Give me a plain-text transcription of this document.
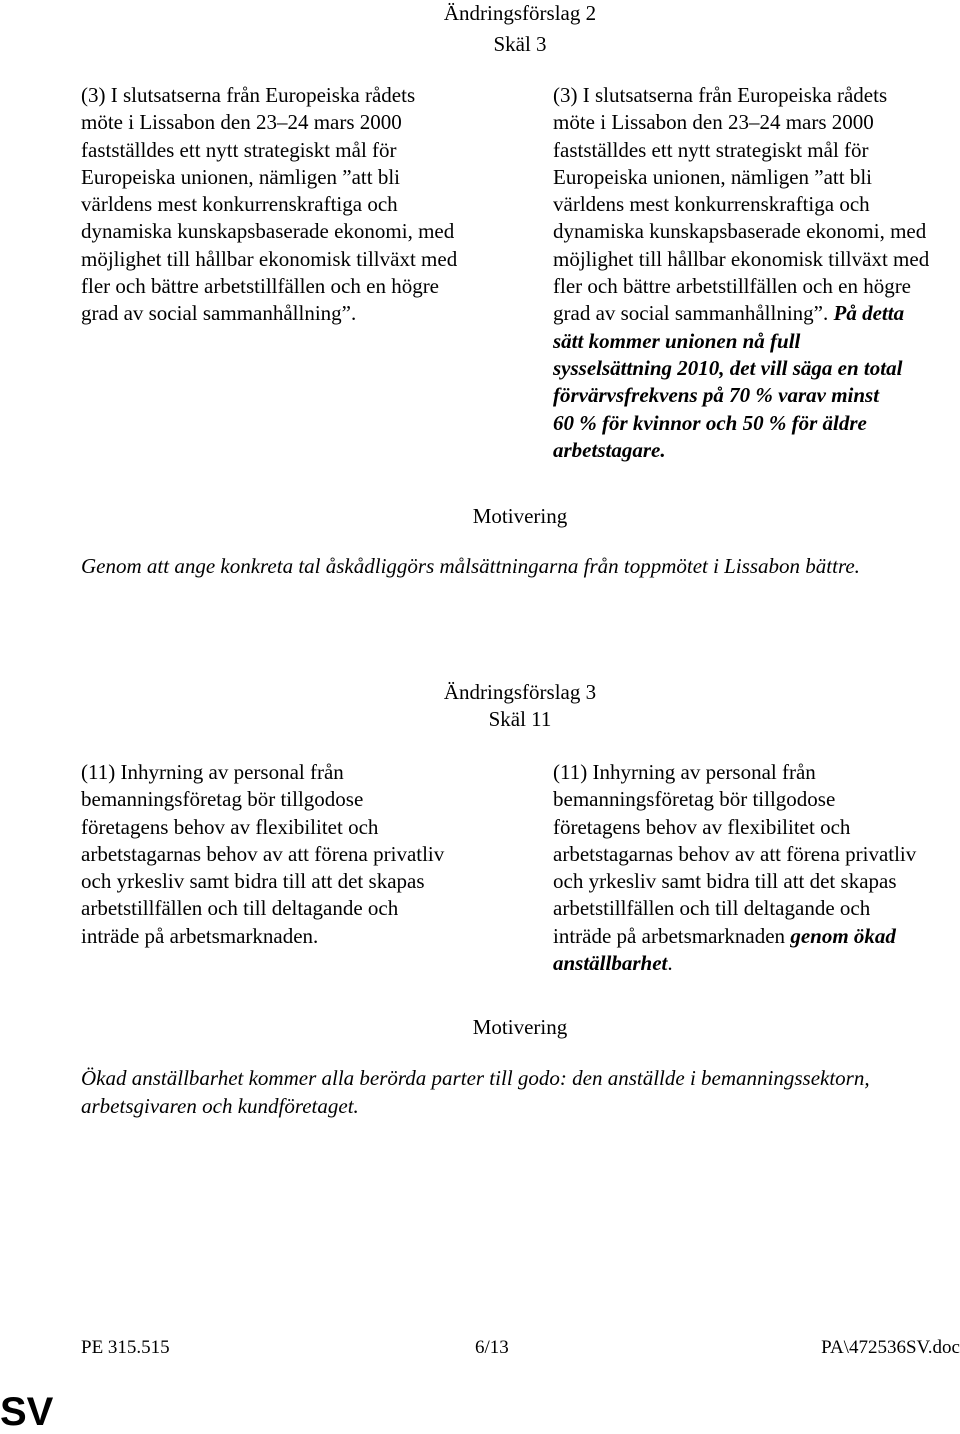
Ändringsförslag 2
Skäl 3

(3) I slutsatserna från Europeiska rådets

möte i Lissabon den 23–24 mars 2000

fastställdes ett nytt strategiskt mål för

Europeiska unionen, nämligen ”att bli

världens mest konkurrenskraftiga och

dynamiska kunskapsbaserade ekonomi, med

möjlighet till hållbar ekonomisk tillväxt med

fler och bättre arbetstillfällen och en högre

grad av social sammanhållning”.

(3) I slutsatserna från Europeiska rådets

möte i Lissabon den 23–24 mars 2000

fastställdes ett nytt strategiskt mål för

Europeiska unionen, nämligen ”att bli

världens mest konkurrenskraftiga och

dynamiska kunskapsbaserade ekonomi, med

möjlighet till hållbar ekonomisk tillväxt med

fler och bättre arbetstillfällen och en högre

grad av social sammanhållning”. På detta

sätt kommer unionen nå full

sysselsättning 2010, det vill säga en total

förvärvsfrekvens på 70 % varav minst

60 % för kvinnor och 50 % för äldre

arbetstagare.

Motivering
Genom att ange konkreta tal åskådliggörs målsättningarna från toppmötet i Lissabon bättre.
Ändringsförslag 3
Skäl 11

(11) Inhyrning av personal från

bemanningsföretag bör tillgodose

företagens behov av flexibilitet och

arbetstagarnas behov av att förena privatliv

och yrkesliv samt bidra till att det skapas

arbetstillfällen och till deltagande och

inträde på arbetsmarknaden.

(11) Inhyrning av personal från

bemanningsföretag bör tillgodose

företagens behov av flexibilitet och

arbetstagarnas behov av att förena privatliv

och yrkesliv samt bidra till att det skapas

arbetstillfällen och till deltagande och

inträde på arbetsmarknaden genom ökad

anställbarhet.

Motivering
Ökad anställbarhet kommer alla berörda parter till godo: den anställde i bemanningssektorn,
arbetsgivaren och kundföretaget.
PE 315.515	6/13	PA\472536SV.doc
SV
